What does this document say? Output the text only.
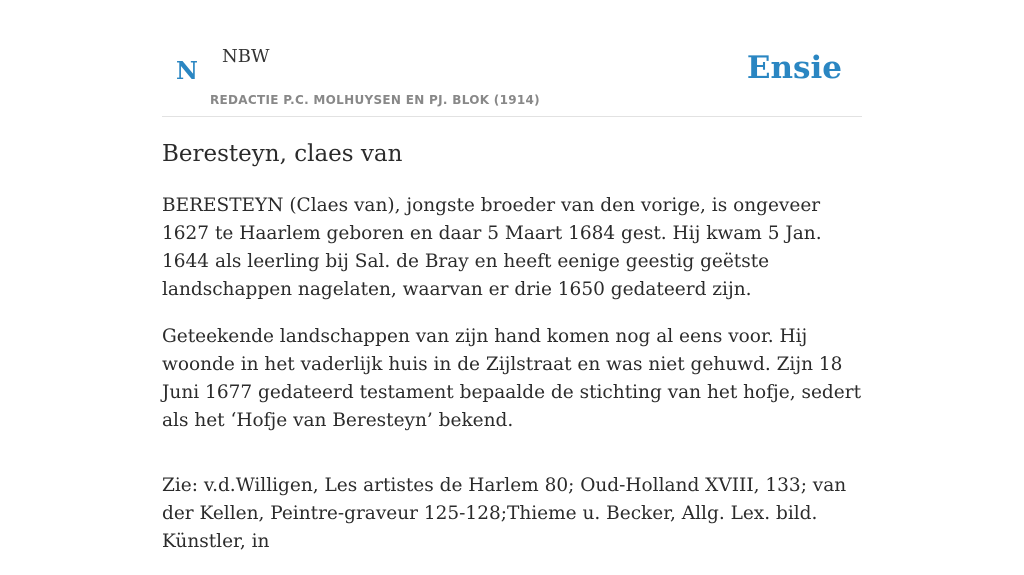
N NBW
REDACTIE P.C. MOLHUYSEN EN PJ. BLOK (1914)
Ensie
Beresteyn, claes van

BERESTEYN (Claes van), jongste broeder van den vorige, is ongeveer 1627 te Haarlem geboren en daar 5 Maart 1684 gest. Hij kwam 5 Jan. 1644 als leerling bij Sal. de Bray en heeft eenige geestig geëtste landschappen nagelaten, waarvan er drie 1650 gedateerd zijn.

Geteekende landschappen van zijn hand komen nog al eens voor. Hij woonde in het vaderlijk huis in de Zijlstraat en was niet gehuwd. Zijn 18 Juni 1677 gedateerd testament bepaalde de stichting van het hofje, sedert als het ‘Hofje van Beresteyn’ bekend.

Zie: v.d.Willigen, Les artistes de Harlem 80; Oud-Holland XVIII, 133; van der Kellen, Peintre-graveur 125-128;Thieme u. Becker, Allg. Lex. bild. Künstler, in
